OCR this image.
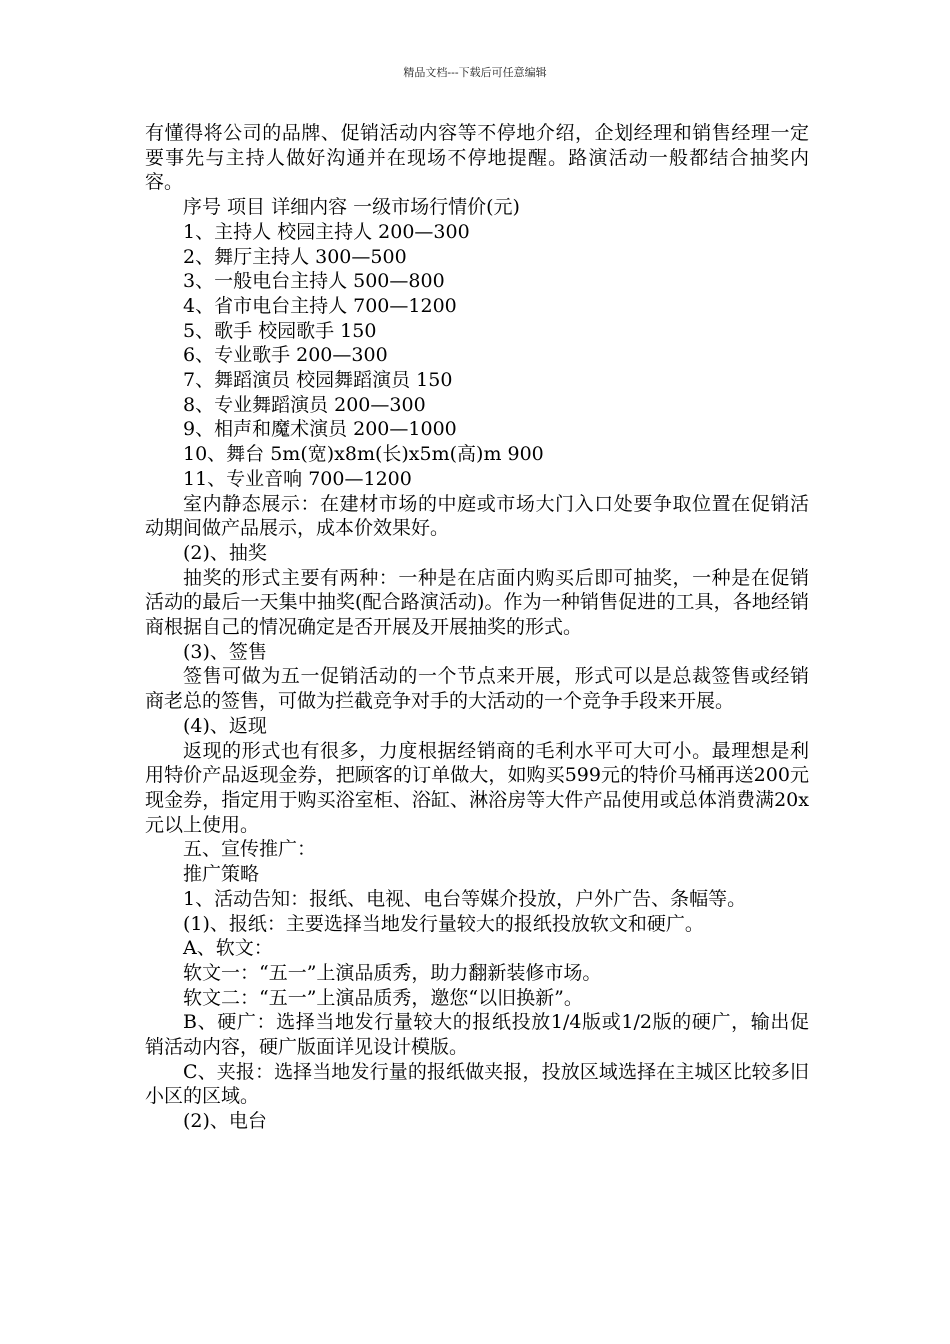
精品文档---下载后可任意编辑

有懂得将公司的品牌、促销活动内容等不停地介绍，企划经理和销售经理一定要事先与主持人做好沟通并在现场不停地提醒。路演活动一般都结合抽奖内容。

序号 项目 详细内容 一级市场行情价(元)

1、主持人 校园主持人 200—300

2、舞厅主持人 300—500

3、一般电台主持人 500—800

4、省市电台主持人 700—1200

5、歌手 校园歌手 150

6、专业歌手 200—300

7、舞蹈演员 校园舞蹈演员 150

8、专业舞蹈演员 200—300

9、相声和魔术演员 200—1000

10、舞台 5m(宽)x8m(长)x5m(高)m 900

11、专业音响 700—1200

室内静态展示：在建材市场的中庭或市场大门入口处要争取位置在促销活动期间做产品展示，成本价效果好。

(2)、抽奖

抽奖的形式主要有两种：一种是在店面内购买后即可抽奖，一种是在促销活动的最后一天集中抽奖(配合路演活动)。作为一种销售促进的工具，各地经销商根据自己的情况确定是否开展及开展抽奖的形式。

(3)、签售

签售可做为五一促销活动的一个节点来开展，形式可以是总裁签售或经销商老总的签售，可做为拦截竞争对手的大活动的一个竞争手段来开展。

(4)、返现

返现的形式也有很多，力度根据经销商的毛利水平可大可小。最理想是利用特价产品返现金券，把顾客的订单做大，如购买599元的特价马桶再送200元现金券，指定用于购买浴室柜、浴缸、淋浴房等大件产品使用或总体消费满20x元以上使用。

五、宣传推广：

推广策略

1、活动告知：报纸、电视、电台等媒介投放，户外广告、条幅等。

(1)、报纸：主要选择当地发行量较大的报纸投放软文和硬广。

A、软文：

软文一：“五一”上演品质秀，助力翻新装修市场。

软文二：“五一”上演品质秀，邀您“以旧换新”。

B、硬广：选择当地发行量较大的报纸投放1/4版或1/2版的硬广，输出促销活动内容，硬广版面详见设计模版。

C、夹报：选择当地发行量的报纸做夹报，投放区域选择在主城区比较多旧小区的区域。

(2)、电台
